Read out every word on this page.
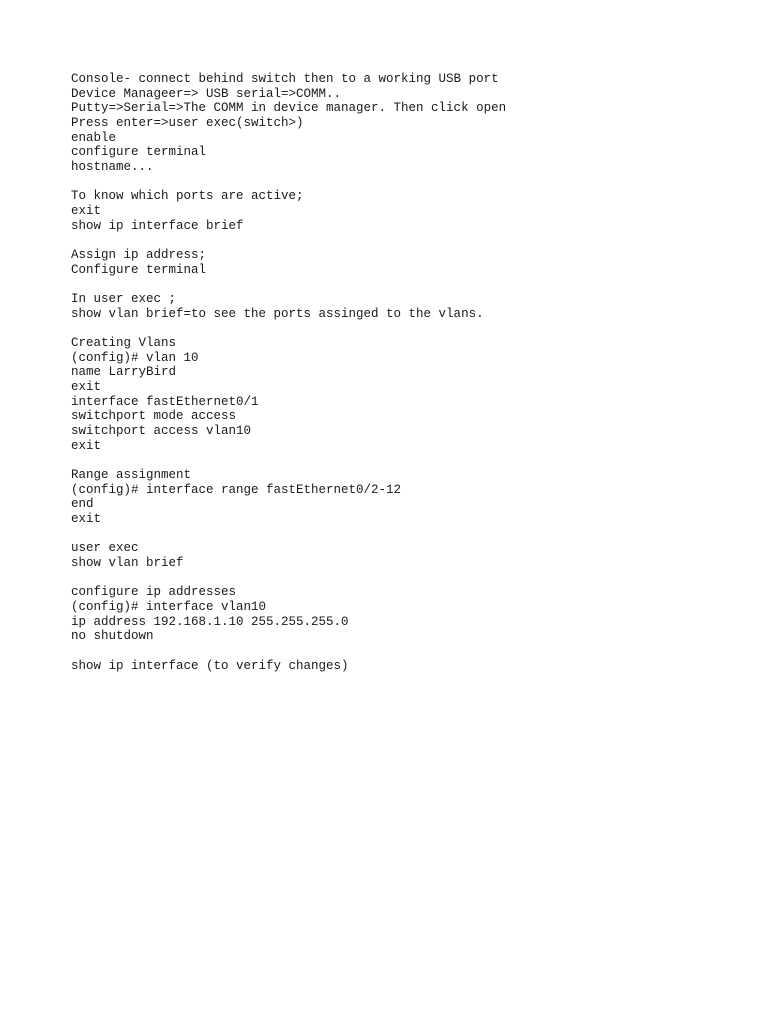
Console- connect behind switch then to a working USB port
Device Manageer=> USB serial=>COMM..
Putty=>Serial=>The COMM in device manager. Then click open
Press enter=>user exec(switch>)
enable
configure terminal
hostname...
To know which ports are active;
exit
show ip interface brief
Assign ip address;
Configure terminal
In user exec ;
show vlan brief=to see the ports assinged to the vlans.
Creating Vlans
(config)# vlan 10
name LarryBird
exit
interface fastEthernet0/1
switchport mode access
switchport access vlan10
exit
Range assignment
(config)# interface range fastEthernet0/2-12
end
exit
user exec
show vlan brief
configure ip addresses
(config)# interface vlan10
ip address 192.168.1.10 255.255.255.0
no shutdown
show ip interface (to verify changes)
